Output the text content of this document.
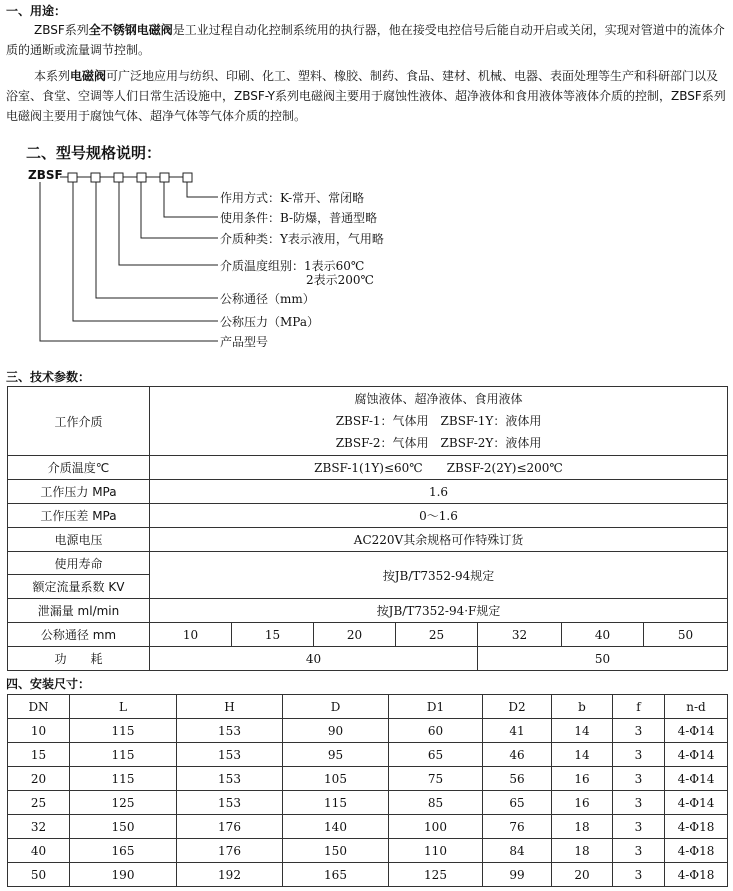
一、用途：
ZBSF系列全不锈钢电磁阀是工业过程自动化控制系统用的执行器，他在接受电控信号后能自动开启或关闭，实现对管道中的流体介质的通断或流量调节控制。
本系列电磁阀可广泛地应用与纺织、印刷、化工、塑料、橡胶、制药、食品、建材、机械、电器、表面处理等生产和科研部门以及浴室、食堂、空调等人们日常生活设施中，ZBSF-Y系列电磁阀主要用于腐蚀性液体、超净液体和食用液体等液体介质的控制，ZBSF系列电磁阀主要用于腐蚀气体、超净气体等气体介质的控制。
二、型号规格说明：
ZBSF
作用方式：K-常开、常闭略
使用条件：B-防爆，普通型略
介质种类：Y表示液用，气用略
介质温度组别：1表示60℃
2表示200℃
公称通径（mm）
公称压力（MPa）
产品型号
三、技术参数：
工作介质	腐蚀液体、超净液体、食用液体
ZBSF-1：气体用　ZBSF-1Y：液体用
ZBSF-2：气体用　ZBSF-2Y：液体用						

介质温度℃	ZBSF-1(1Y)≤60℃　　ZBSF-2(2Y)≤200℃						
工作压力 MPa	1.6						
工作压差 MPa	0～1.6						
电源电压	AC220V其余规格可作特殊订货						
使用寿命	按JB/T7352-94规定						
额定流量系数 KV							
泄漏量 ml/min	按JB/T7352-94·F规定						
公称通径 mm	10	15	20	25	32	40	50
功　　耗	40				50		
四、安装尺寸：
DN	L	H	D	D1	D2	b	f	n-d
10	115	153	90	60	41	14	3	4-Φ14
15	115	153	95	65	46	14	3	4-Φ14
20	115	153	105	75	56	16	3	4-Φ14
25	125	153	115	85	65	16	3	4-Φ14
32	150	176	140	100	76	18	3	4-Φ18
40	165	176	150	110	84	18	3	4-Φ18
50	190	192	165	125	99	20	3	4-Φ18
